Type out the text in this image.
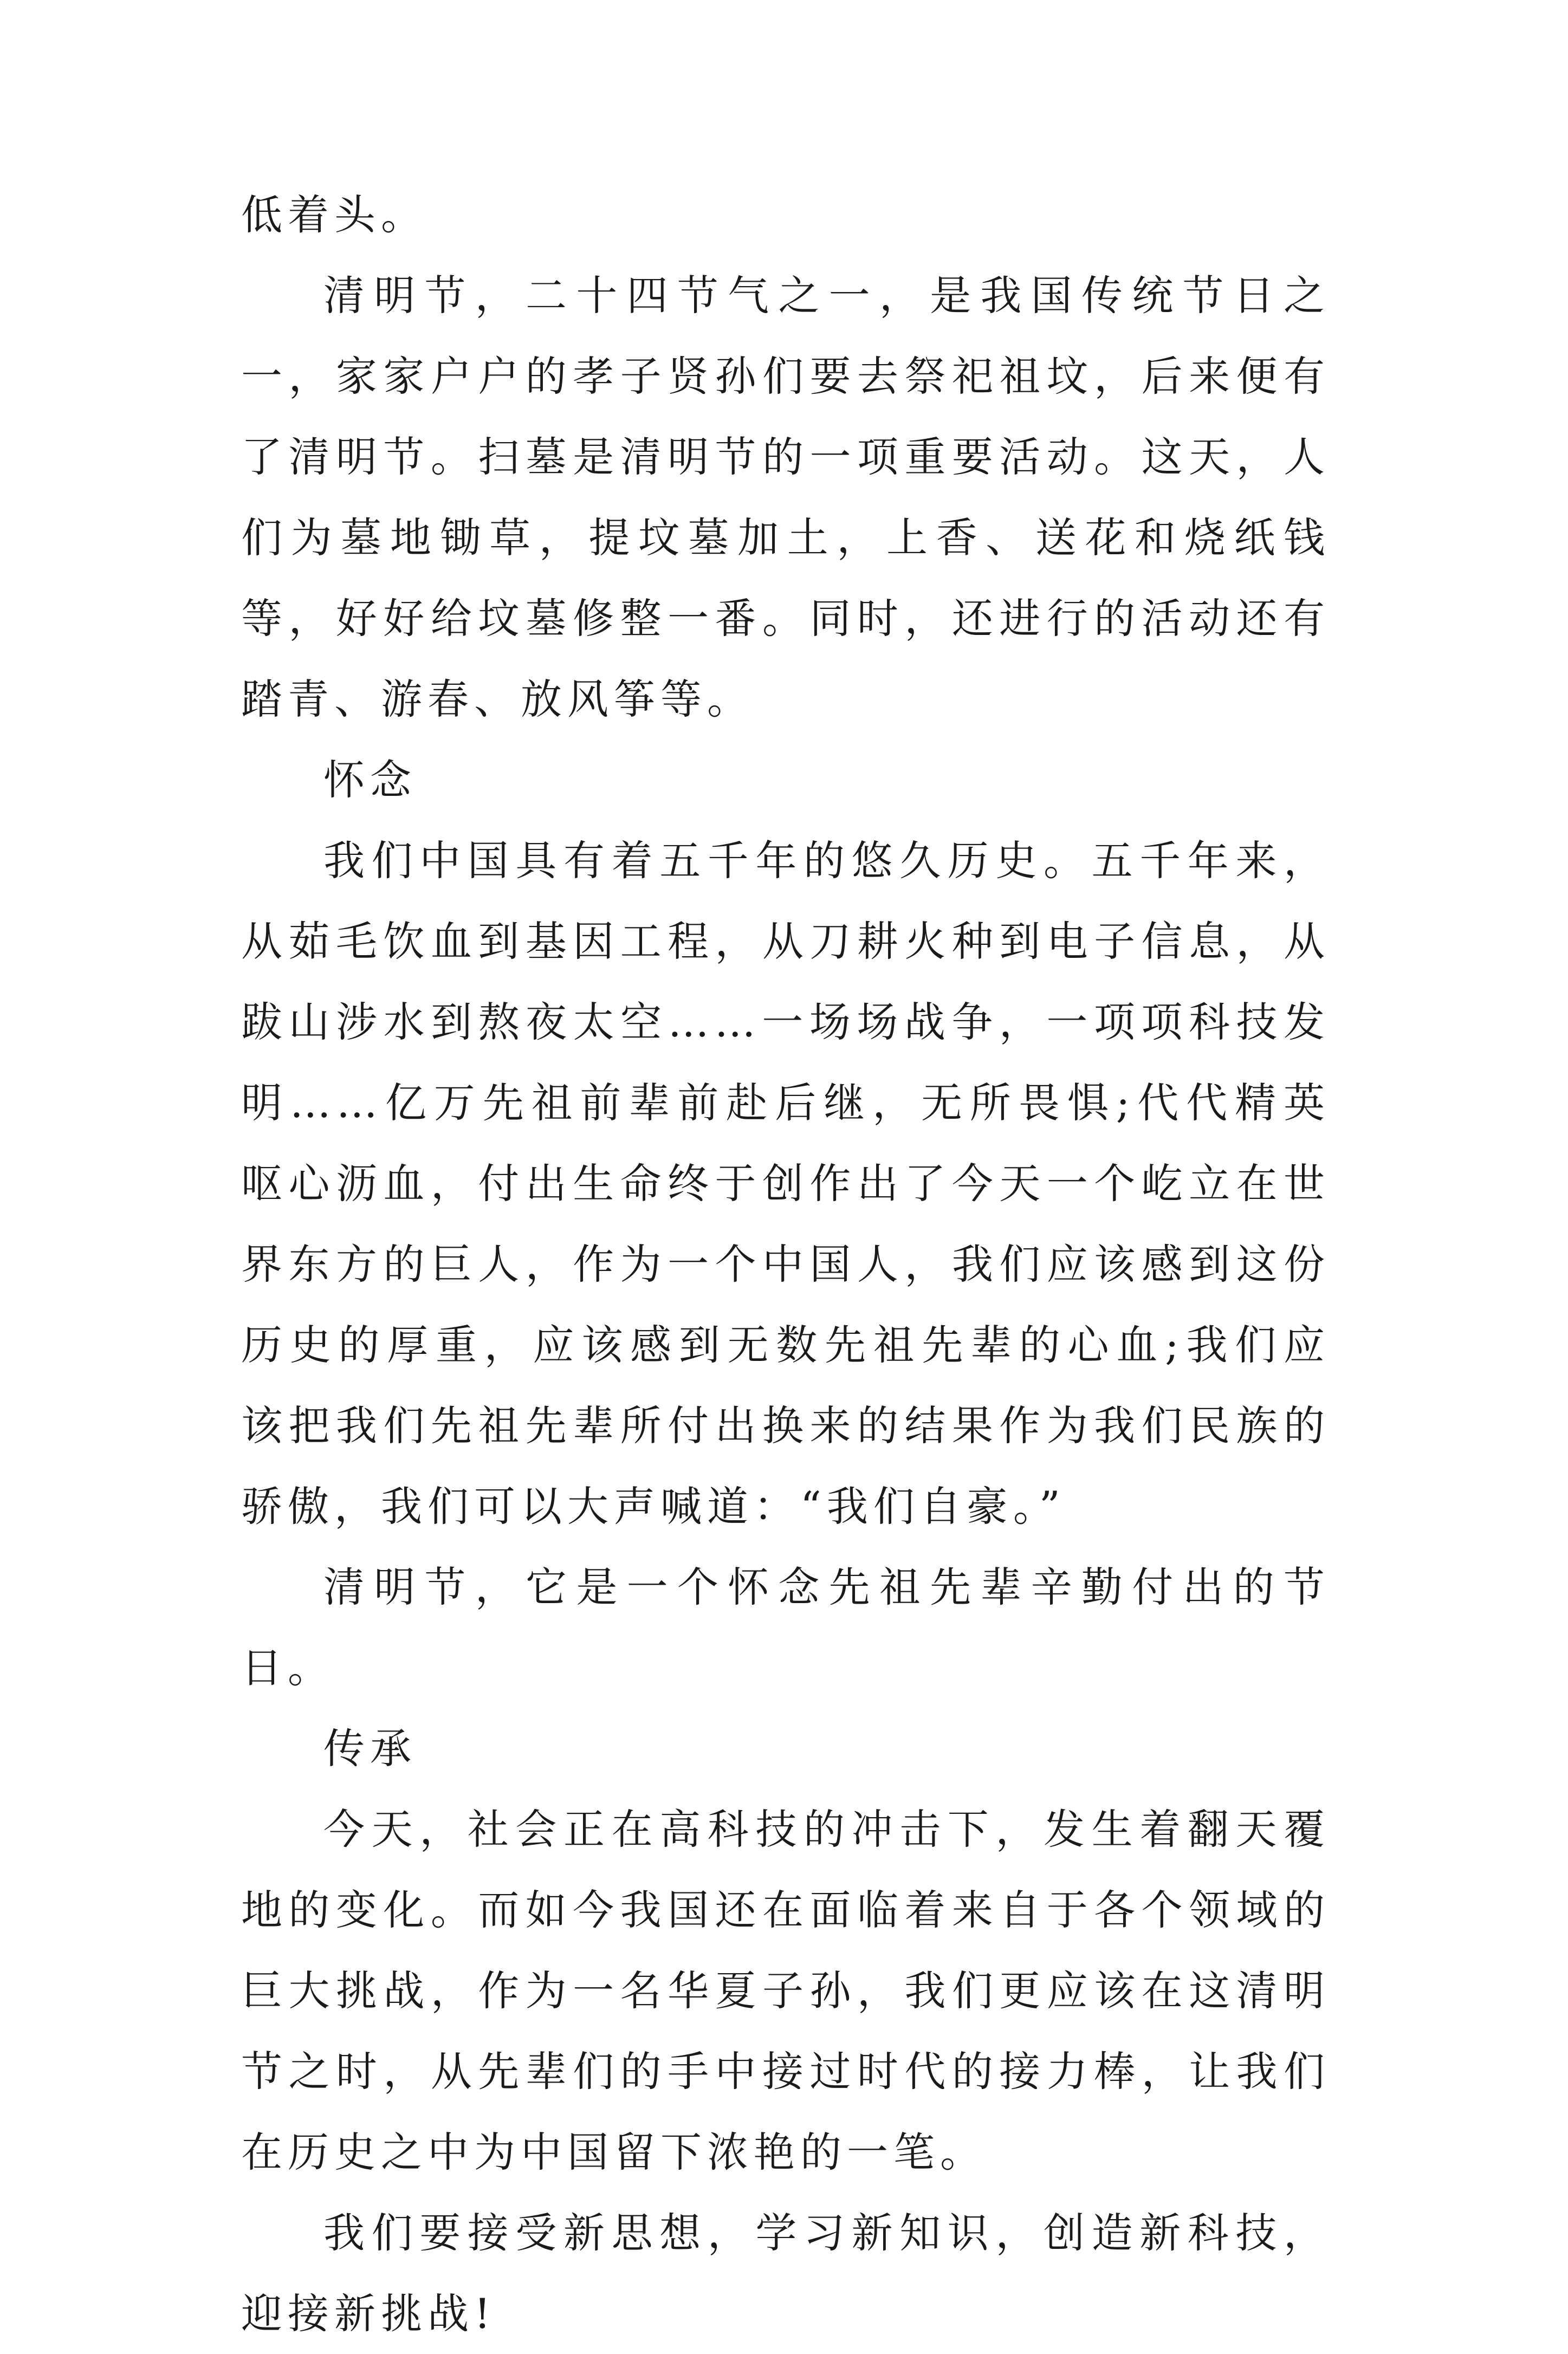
低着头。

清明节，二十四节气之一，是我国传统节日之一，家家户户的孝子贤孙们要去祭祀祖坟，后来便有了清明节。扫墓是清明节的一项重要活动。这天，人们为墓地锄草，提坟墓加土，上香、送花和烧纸钱等，好好给坟墓修整一番。同时，还进行的活动还有踏青、游春、放风筝等。

怀念

我们中国具有着五千年的悠久历史。五千年来，从茹毛饮血到基因工程，从刀耕火种到电子信息，从跋山涉水到熬夜太空……一场场战争，一项项科技发明……亿万先祖前辈前赴后继，无所畏惧;代代精英呕心沥血，付出生命终于创作出了今天一个屹立在世界东方的巨人，作为一个中国人，我们应该感到这份历史的厚重，应该感到无数先祖先辈的心血;我们应该把我们先祖先辈所付出换来的结果作为我们民族的骄傲，我们可以大声喊道：“我们自豪。”

清明节，它是一个怀念先祖先辈辛勤付出的节日。

传承

今天，社会正在高科技的冲击下，发生着翻天覆地的变化。而如今我国还在面临着来自于各个领域的巨大挑战，作为一名华夏子孙，我们更应该在这清明节之时，从先辈们的手中接过时代的接力棒，让我们在历史之中为中国留下浓艳的一笔。

我们要接受新思想，学习新知识，创造新科技，迎接新挑战!
